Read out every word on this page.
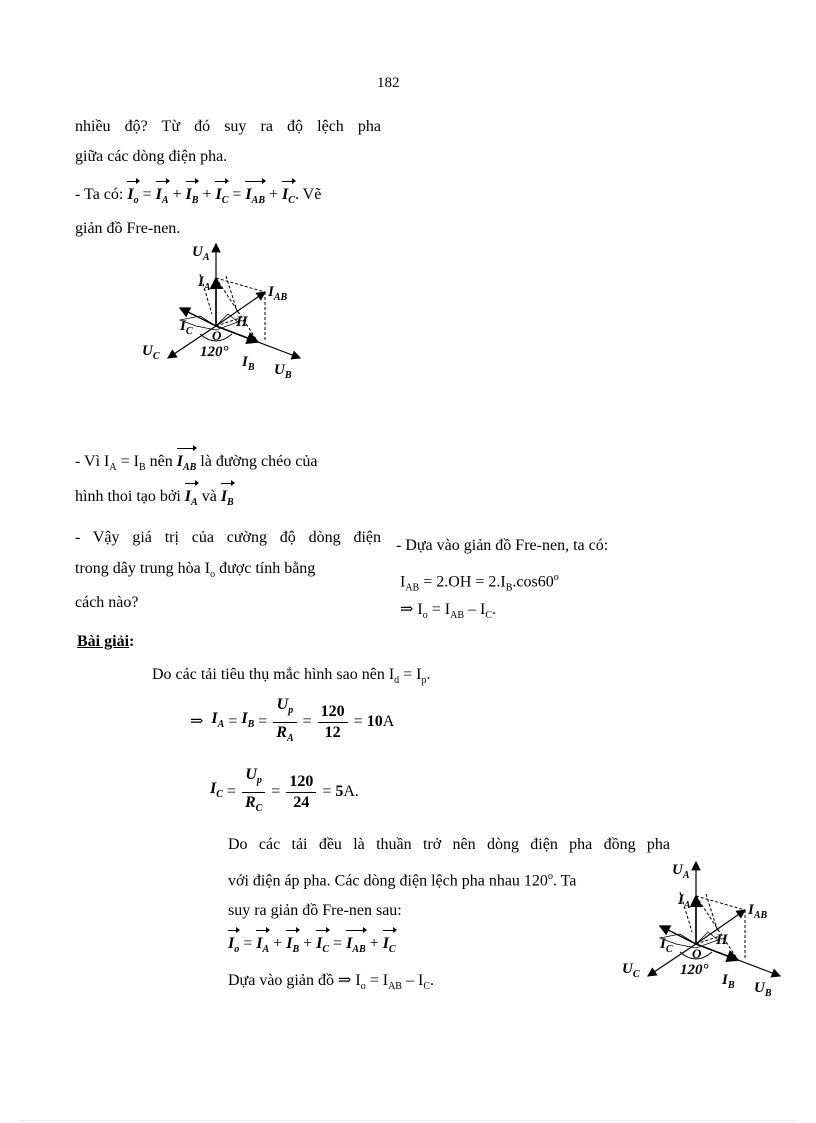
182
nhiều độ? Từ đó suy ra độ lệch pha
giữa các dòng điện pha.
- Ta có: $I_o = I_A + I_B + I_C = I_{AB} + I_C$. Vẽ
giản đồ Fre-nen.
$U_A$
$I_A$	$I_{AB}$
H
$I_C$ O
$U_C$	120°
$I_B$ $U_B$
- Vì $I_A = I_B$ nên $I_{AB}$ là đường chéo của
hình thoi tạo bởi $I_A$ và $I_B$
- Vậy giá trị của cường độ dòng điện
trong dây trung hòa $I_o$ được tính bằng
cách nào?
- Dựa vào giản đồ Fre-nen, ta có:
$I_{AB} = 2.OH = 2.I_B.\cos 60^o$
⇒ $I_o = I_{AB} - I_C$.
Bài giải:
Do các tải tiêu thụ mắc hình sao nên $I_d = I_p$.
⇒ $I_A = I_B = \frac{U_p}{R_A} = \frac{120}{12} = 10$ A
$I_C = \frac{U_p}{R_C} = \frac{120}{24} = 5$ A.
Do các tải đều là thuần trở nên dòng điện pha đồng pha
với điện áp pha. Các dòng điện lệch pha nhau 120$^o$. Ta
suy ra giản đồ Fre-nen sau:
$I_o = I_A + I_B + I_C = I_{AB} + I_C$
Dựa vào giản đồ ⇒ $I_o = I_{AB} - I_C$.
$U_A$
$I_A$	$I_{AB}$
H
$I_C$ O
$U_C$	120°
$I_B$ $U_B$
